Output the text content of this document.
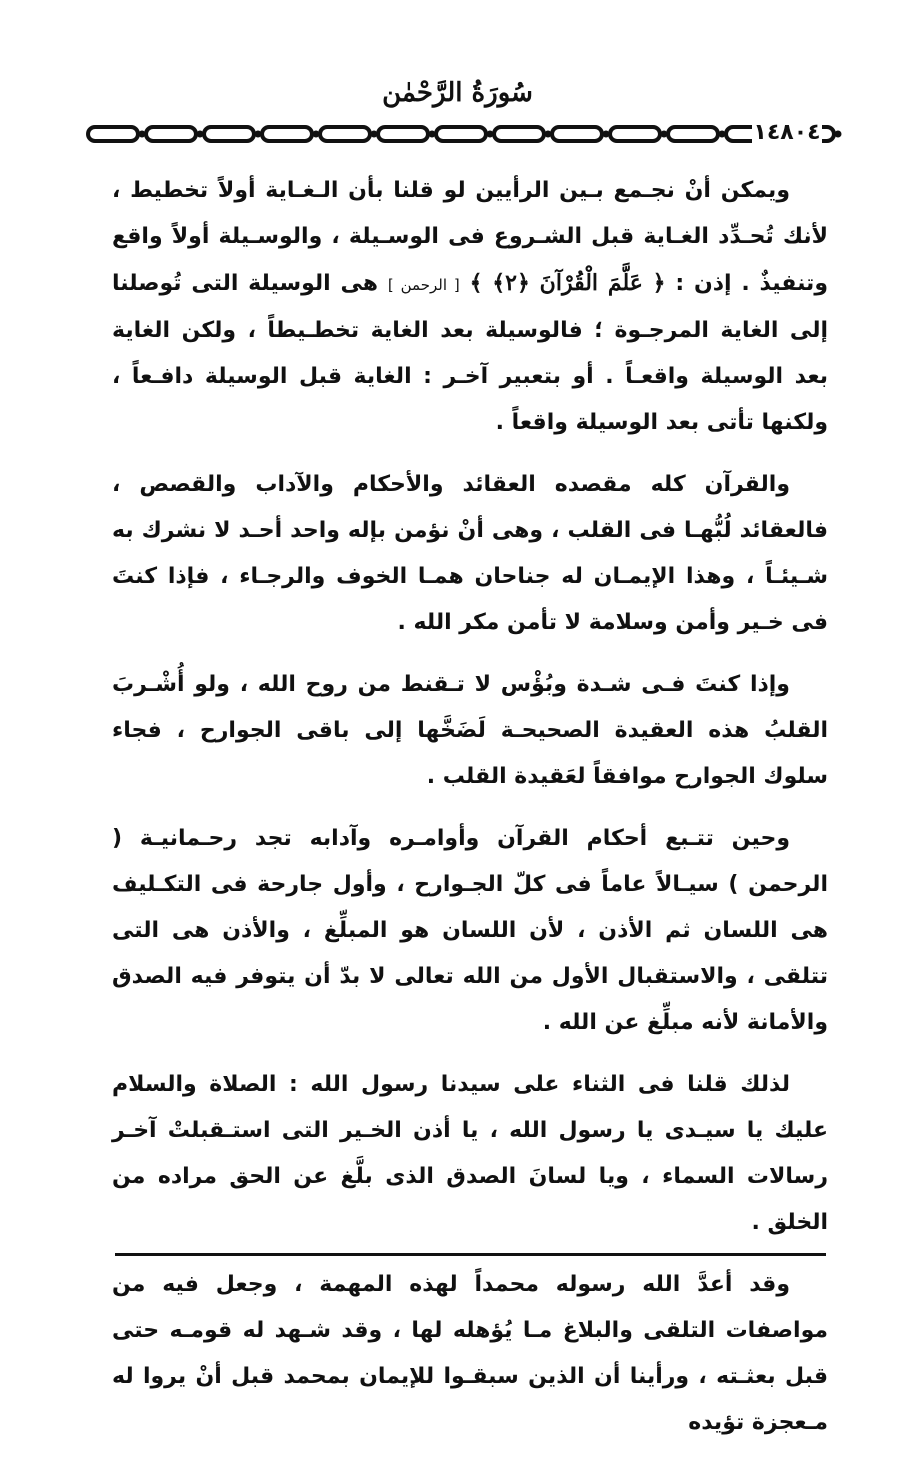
سُورَةُ الرَّحْمٰن
١٤٨٠٤

ويمكن أنْ نجـمع بـين الرأيين لو قلنا بأن الـغـاية أولاً تخطيط ، لأنك تُحـدِّد الغـاية قبل الشـروع فى الوسـيلة ، والوسـيلة أولاً واقع وتنفيذٌ . إذن : ﴿ عَلَّمَ الْقُرْآنَ ﴿٢﴾ ﴾ [ الرحمن ] هى الوسيلة التى تُوصلنا إلى الغاية المرجـوة ؛ فالوسيلة بعد الغاية تخطـيطاً ، ولكن الغاية بعد الوسيلة واقعـاً . أو بتعبير آخـر : الغاية قبل الوسيلة دافـعاً ، ولكنها تأتى بعد الوسيلة واقعاً .

والقرآن كله مقصده العقائد والأحكام والآداب والقصص ، فالعقائد لُبُّهـا فى القلب ، وهى أنْ نؤمن بإله واحد أحـد لا نشرك به شـيئـاً ، وهذا الإيمـان له جناحان همـا الخوف والرجـاء ، فإذا كنتَ فى خـير وأمن وسلامة لا تأمن مكر الله .

وإذا كنتَ فـى شـدة وبُؤْس لا تـقنط من روح الله ، ولو أُشْـربَ القلبُ هذه العقيدة الصحيحـة لَضَخَّها إلى باقى الجوارح ، فجاء سلوك الجوارح موافقاً لعَقيدة القلب .

وحين تتـبع أحكام القرآن وأوامـره وآدابه تجد رحـمانيـة ( الرحمن ) سيـالاً عاماً فى كلّ الجـوارح ، وأول جارحة فى التكـليف هى اللسان ثم الأذن ، لأن اللسان هو المبلِّغ ، والأذن هى التى تتلقى ، والاستقبال الأول من الله تعالى لا بدّ أن يتوفر فيه الصدق والأمانة لأنه مبلِّغ عن الله .

لذلك قلنا فى الثناء على سيدنا رسول الله : الصلاة والسلام عليك يا سيـدى يا رسول الله ، يا أذن الخـير التى استـقبلتْ آخـر رسالات السماء ، ويا لسانَ الصدق الذى بلَّغ عن الحق مراده من الخلق .

وقد أعدَّ الله رسوله محمداً لهذه المهمة ، وجعل فيه من مواصفات التلقى والبلاغ مـا يُؤهله لها ، وقد شـهد له قومـه حتى قبل بعثـته ، ورأينا أن الذين سبقـوا للإيمان بمحمد قبل أنْ يروا له مـعجزة تؤيده
